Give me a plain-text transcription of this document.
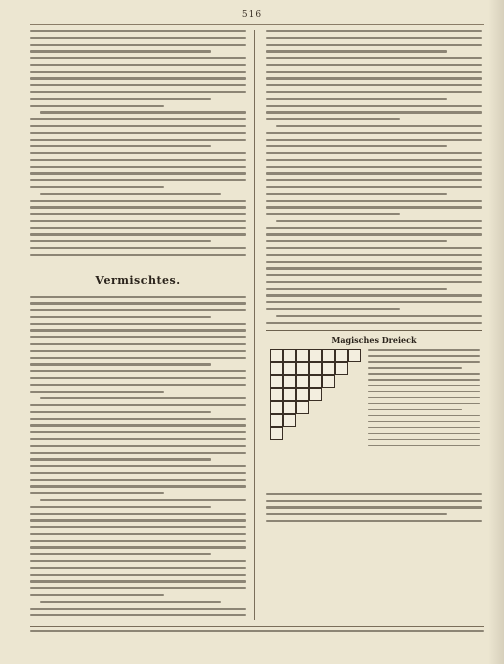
516
Vermischtes.
Magisches Dreieck
